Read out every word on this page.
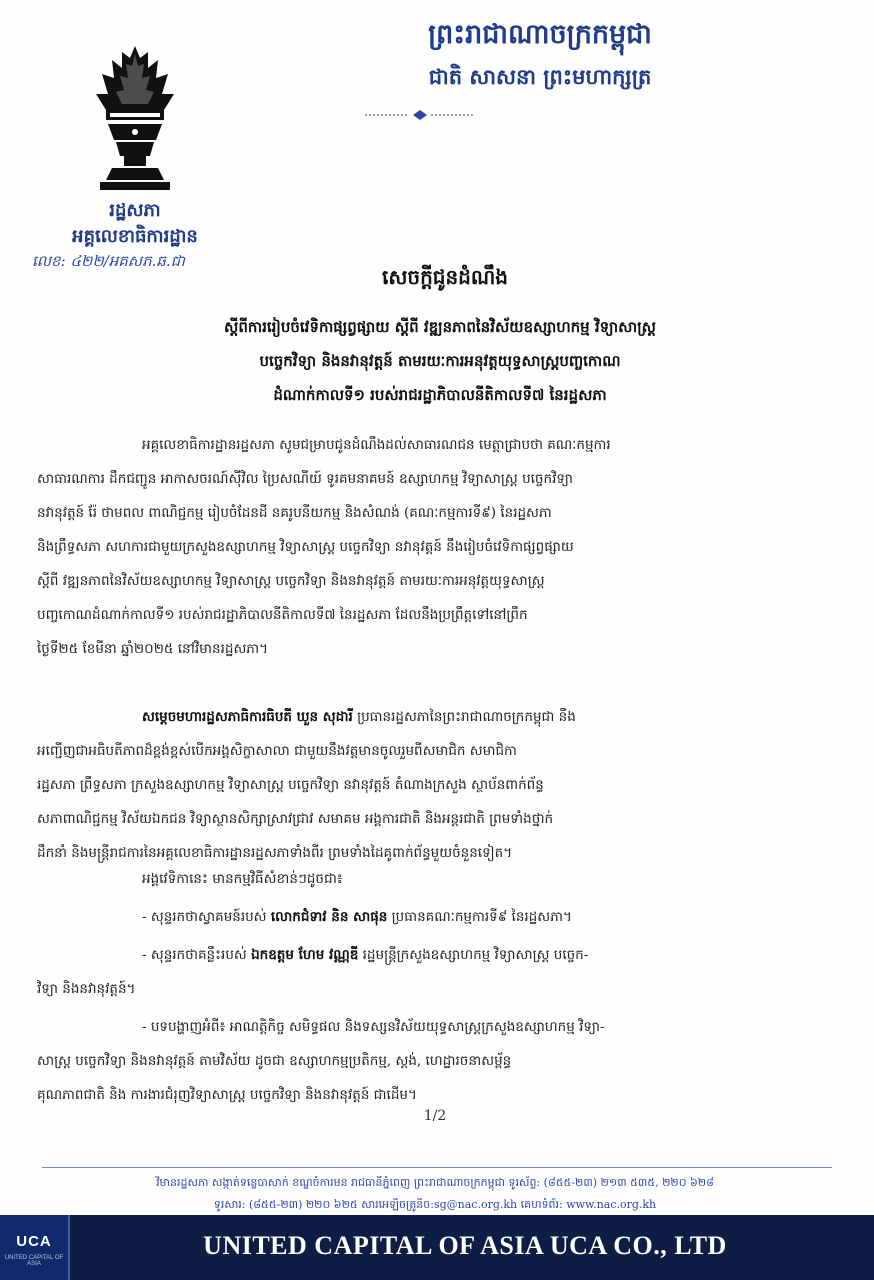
ព្រះរាជាណាចក្រកម្ពុជា
ជាតិ សាសនា ព្រះមហាក្សត្រ
រដ្ឋសភា
អគ្គលេខាធិការដ្ឋាន
លេខ: ៤២២/អគសភ.ឆ.ជា
សេចក្តីជូនដំណឹង
ស្តីពីការរៀបចំវេទិកាផ្សព្វផ្សាយ ស្តីពី វឌ្ឍនភាពនៃវិស័យឧស្សាហកម្ម វិទ្យាសាស្ត្រ
បច្ចេកវិទ្យា និងនវានុវត្តន៍ តាមរយៈការអនុវត្តយុទ្ធសាស្ត្របញ្ចកោណ
ដំណាក់កាលទី១ របស់រាជរដ្ឋាភិបាលនីតិកាលទី៧ នៃរដ្ឋសភា
អគ្គលេខាធិការដ្ឋានរដ្ឋសភា សូមជម្រាបជូនដំណឹងដល់សាធារណជន មេត្តាជ្រាបថា គណៈកម្មការ
សាធារណការ ដឹកជញ្ជូន អាកាសចរណ៍ស៊ីវិល ប្រៃសណីយ៍ ទូរគមនាគមន៍ ឧស្សាហកម្ម វិទ្យាសាស្ត្រ បច្ចេកវិទ្យា
នវានុវត្តន៍ រ៉ែ ថាមពល ពាណិជ្ជកម្ម រៀបចំដែនដី នគរូបនីយកម្ម និងសំណង់ (គណៈកម្មការទី៩) នៃរដ្ឋសភា
និងព្រឹទ្ធសភា សហការជាមួយក្រសួងឧស្សាហកម្ម វិទ្យាសាស្ត្រ បច្ចេកវិទ្យា នវានុវត្តន៍ នឹងរៀបចំវេទិកាផ្សព្វផ្សាយ
ស្តីពី វឌ្ឍនភាពនៃវិស័យឧស្សាហកម្ម វិទ្យាសាស្ត្រ បច្ចេកវិទ្យា និងនវានុវត្តន៍ តាមរយៈការអនុវត្តយុទ្ធសាស្ត្រ
បញ្ចកោណដំណាក់កាលទី១ របស់រាជរដ្ឋាភិបាលនីតិកាលទី៧ នៃរដ្ឋសភា ដែលនឹងប្រព្រឹត្តទៅនៅព្រឹក
ថ្ងៃទី២៥ ខែមីនា ឆ្នាំ២០២៥ នៅវិមានរដ្ឋសភា។
សម្តេចមហារដ្ឋសភាធិការធិបតី ឃួន សុដារី ប្រធានរដ្ឋសភានៃព្រះរាជាណាចក្រកម្ពុជា នឹង
អញ្ជើញជាអធិបតីភាពដ៏ខ្ពង់ខ្ពស់បើកអង្គសិក្ខាសាលា ជាមួយនឹងវត្តមានចូលរួមពីសមាជិក សមាជិកា
រដ្ឋសភា ព្រឹទ្ធសភា ក្រសួងឧស្សាហកម្ម វិទ្យាសាស្ត្រ បច្ចេកវិទ្យា នវានុវត្តន៍ តំណាងក្រសួង ស្ថាប័នពាក់ព័ន្ធ
សភាពាណិជ្ជកម្ម វិស័យឯកជន វិទ្យាស្ថានសិក្សាស្រាវជ្រាវ សមាគម អង្គការជាតិ និងអន្តរជាតិ ព្រមទាំងថ្នាក់
ដឹកនាំ និងមន្ត្រីរាជការនៃអគ្គលេខាធិការដ្ឋានរដ្ឋសភាទាំងពីរ ព្រមទាំងដៃគូពាក់ព័ន្ធមួយចំនួនទៀត។
អង្គវេទិកានេះ មានកម្មវិធីសំខាន់ៗដូចជា៖
- សុន្ទរកថាស្វាគមន៍របស់ លោកជំទាវ និន សាផុន ប្រធានគណៈកម្មការទី៩ នៃរដ្ឋសភា។
- សុន្ទរកថាគន្លឹះរបស់ ឯកឧត្តម ហែម វណ្ណឌី រដ្ឋមន្ត្រីក្រសួងឧស្សាហកម្ម វិទ្យាសាស្ត្រ បច្ចេក-
វិទ្យា និងនវានុវត្តន៍។
- បទបង្ហាញអំពី៖ អាណត្តិកិច្ច សមិទ្ធផល និងទស្សនវិស័យយុទ្ធសាស្ត្រក្រសួងឧស្សាហកម្ម វិទ្យា-
សាស្ត្រ បច្ចេកវិទ្យា និងនវានុវត្តន៍ តាមវិស័យ ដូចជា ឧស្សាហកម្មប្រតិកម្ម, ស្តង់, ហេដ្ឋារចនាសម្ព័ន្ធ
គុណភាពជាតិ និង ការងារជំរុញវិទ្យាសាស្ត្រ បច្ចេកវិទ្យា និងនវានុវត្តន៍ ជាដើម។
1/2
វិមានរដ្ឋសភា សង្កាត់ទន្លេបាសាក់ ខណ្ឌចំការមន រាជធានីភ្នំពេញ ព្រះរាជាណាចក្រកម្ពុជា ទូរស័ព្ទ: (៨៥៥-២៣) ២១៣ ៥៣៥, ២២០ ៦២៨
ទូរសារ: (៨៥៥-២៣) ២២០ ៦២៥ សារអេឡិចត្រូនិច:sg@nac.org.kh គេហទំព័រ: www.nac.org.kh
UCA
UNITED CAPITAL OF ASIA
UNITED CAPITAL OF ASIA UCA CO., LTD
